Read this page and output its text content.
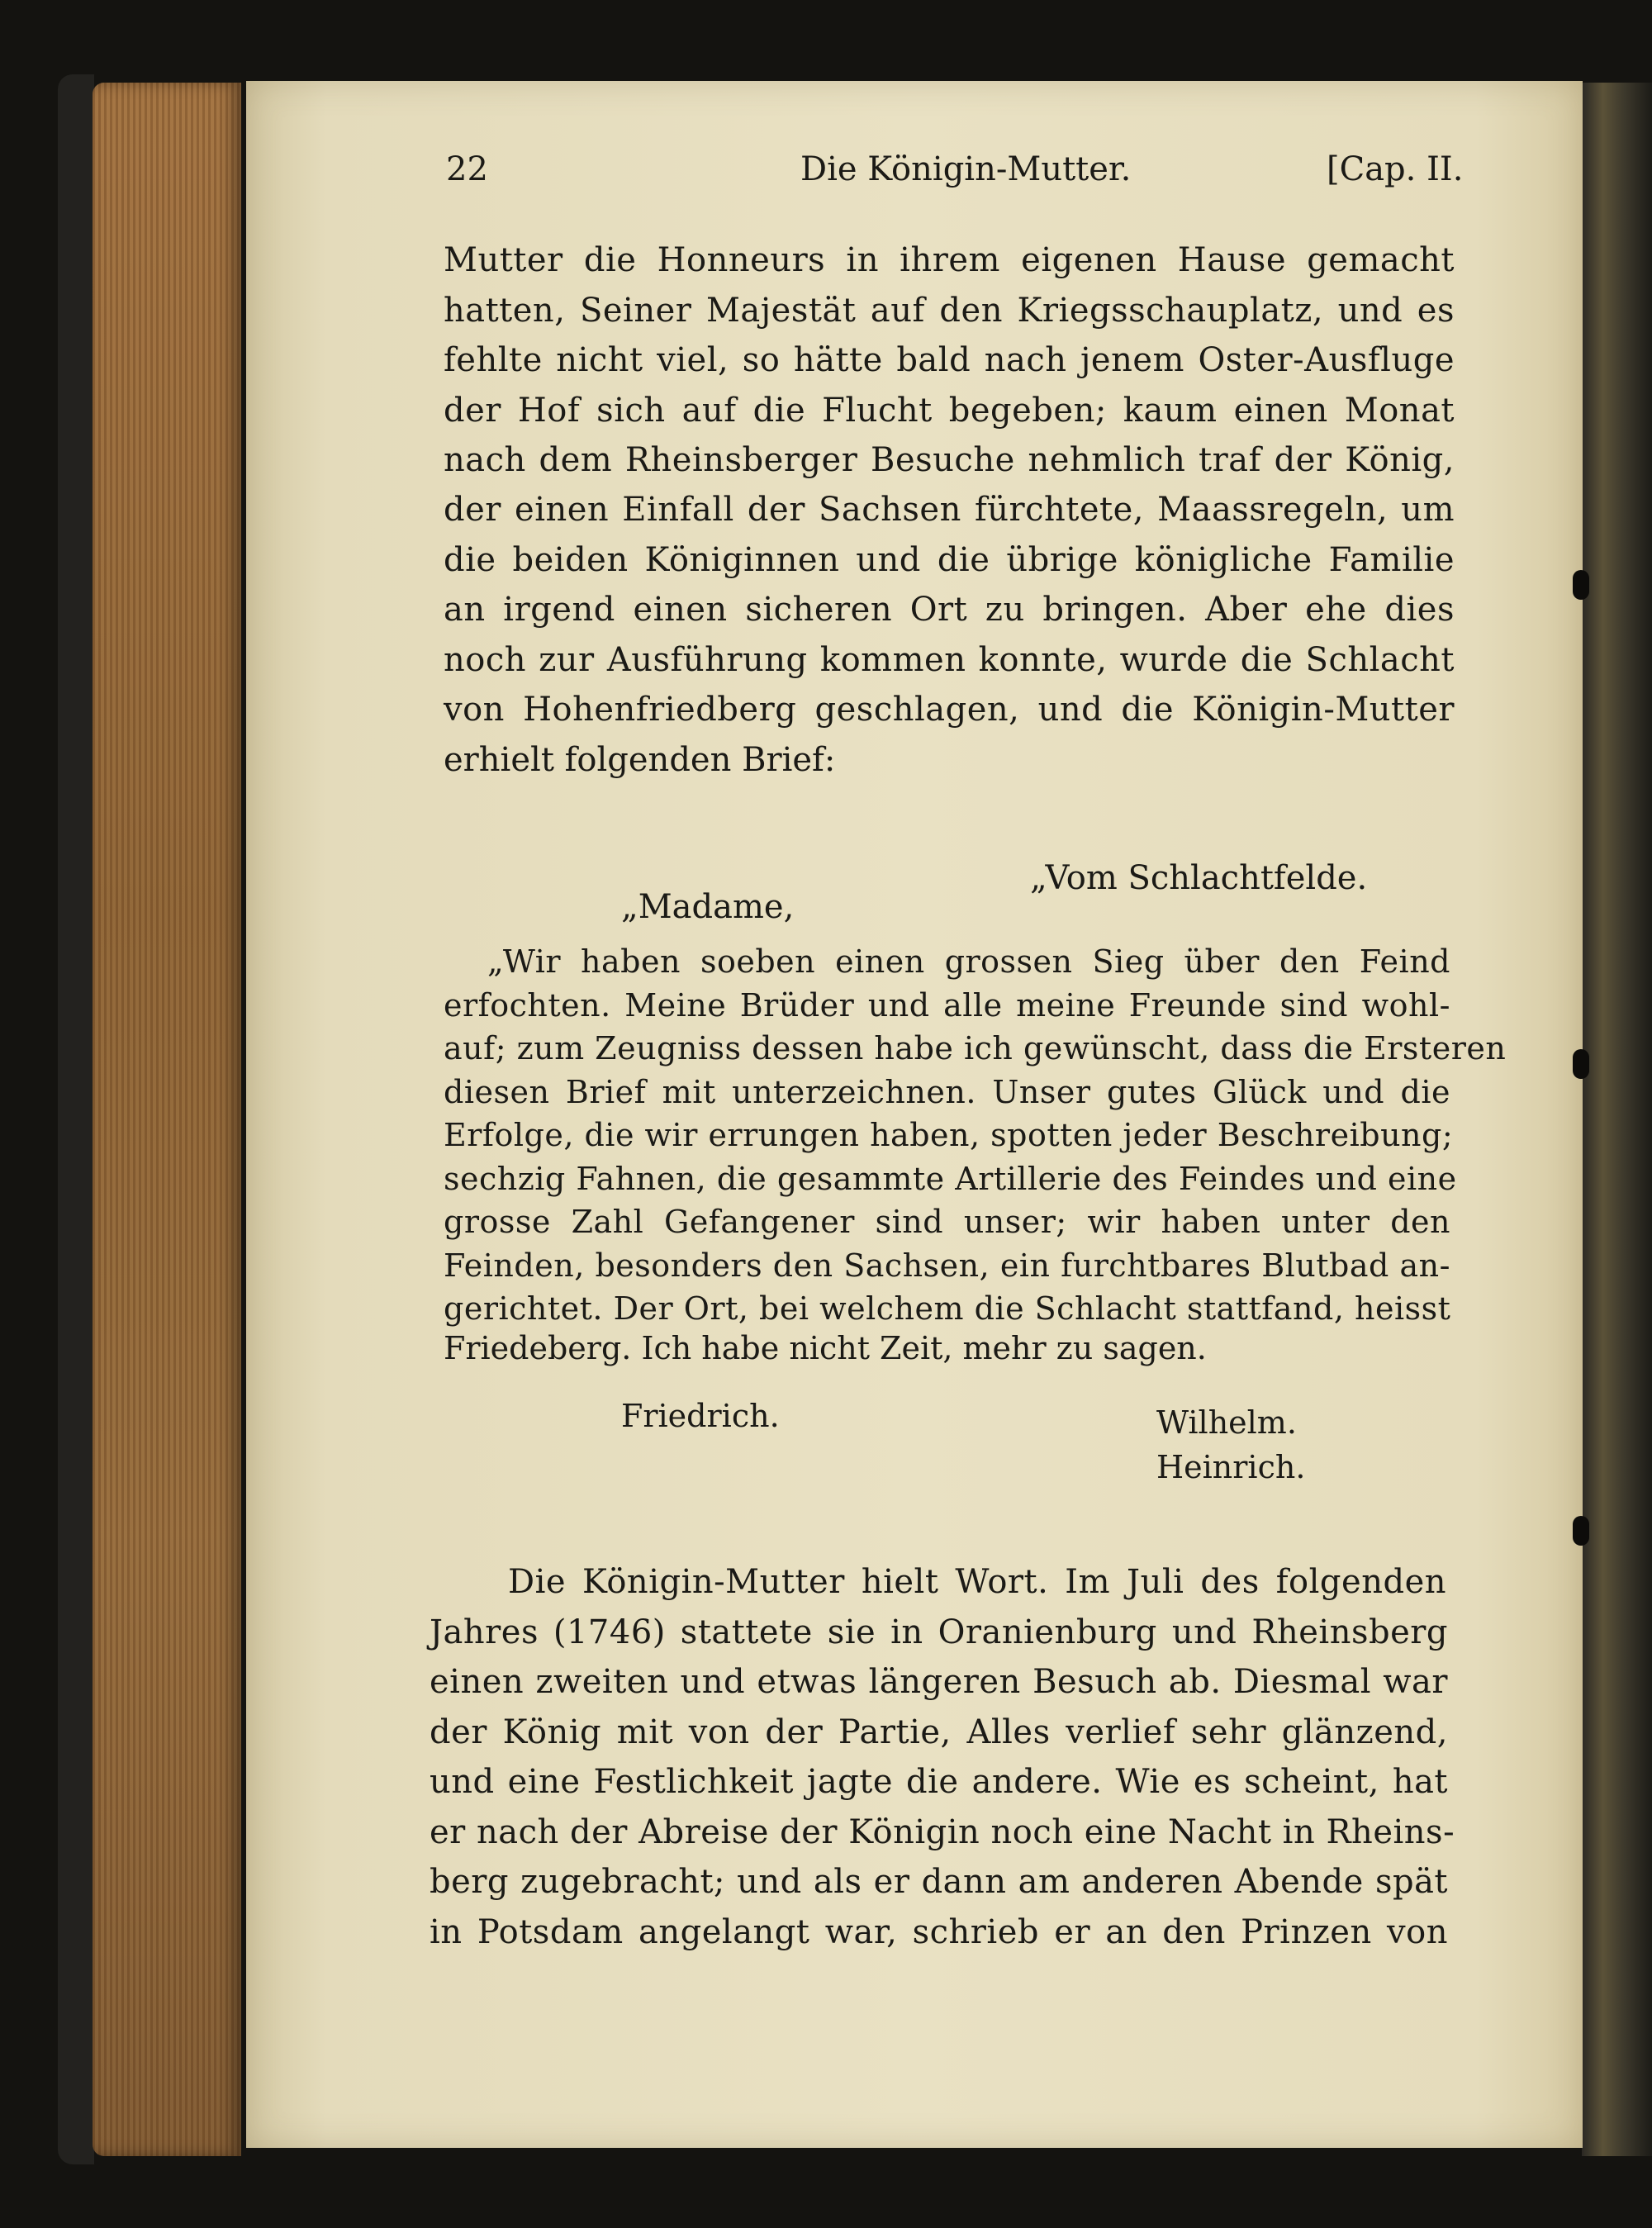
22	Die Königin-Mutter.	[Cap. II.
Mutter die Honneurs in ihrem eigenen Hause gemacht
hatten, Seiner Majestät auf den Kriegsschauplatz, und es
fehlte nicht viel, so hätte bald nach jenem Oster-Ausfluge
der Hof sich auf die Flucht begeben; kaum einen Monat
nach dem Rheinsberger Besuche nehmlich traf der König,
der einen Einfall der Sachsen fürchtete, Maassregeln, um
die beiden Königinnen und die übrige königliche Familie
an irgend einen sicheren Ort zu bringen. Aber ehe dies
noch zur Ausführung kommen konnte, wurde die Schlacht
von Hohenfriedberg geschlagen, und die Königin-Mutter
erhielt folgenden Brief:
„Vom Schlachtfelde.
„Madame,
„Wir haben soeben einen grossen Sieg über den Feind
erfochten. Meine Brüder und alle meine Freunde sind wohl-
auf; zum Zeugniss dessen habe ich gewünscht, dass die Ersteren
diesen Brief mit unterzeichnen. Unser gutes Glück und die
Erfolge, die wir errungen haben, spotten jeder Beschreibung;
sechzig Fahnen, die gesammte Artillerie des Feindes und eine
grosse Zahl Gefangener sind unser; wir haben unter den
Feinden, besonders den Sachsen, ein furchtbares Blutbad an-
gerichtet. Der Ort, bei welchem die Schlacht stattfand, heisst
Friedeberg. Ich habe nicht Zeit, mehr zu sagen.
Friedrich.	Wilhelm.
Heinrich.
Die Königin-Mutter hielt Wort. Im Juli des folgenden
Jahres (1746) stattete sie in Oranienburg und Rheinsberg
einen zweiten und etwas längeren Besuch ab. Diesmal war
der König mit von der Partie, Alles verlief sehr glänzend,
und eine Festlichkeit jagte die andere. Wie es scheint, hat
er nach der Abreise der Königin noch eine Nacht in Rheins-
berg zugebracht; und als er dann am anderen Abende spät
in Potsdam angelangt war, schrieb er an den Prinzen von
